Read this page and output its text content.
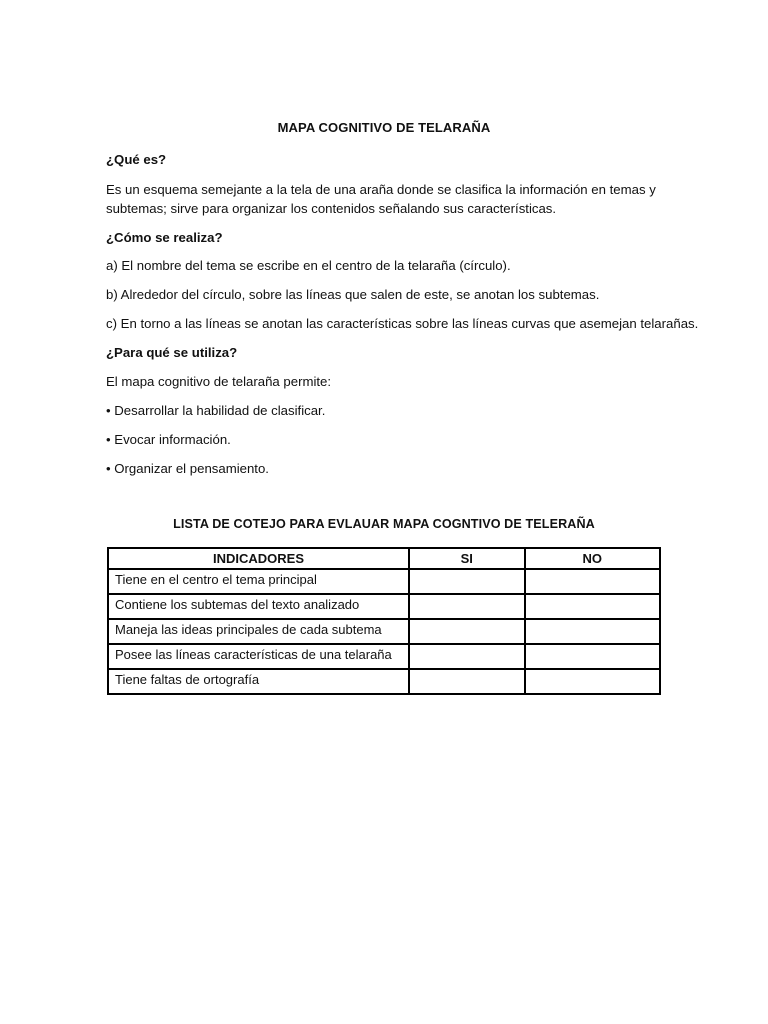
MAPA COGNITIVO DE TELARAÑA
¿Qué es?
Es un esquema semejante a la tela de una araña donde se clasifica la información en temas y subtemas; sirve para organizar los contenidos señalando sus características.
¿Cómo se realiza?
a) El nombre del tema se escribe en el centro de la telaraña (círculo).
b) Alrededor del círculo, sobre las líneas que salen de este, se anotan los subtemas.
c) En torno a las líneas se anotan las características sobre las líneas curvas que asemejan telarañas.
¿Para qué se utiliza?
El mapa cognitivo de telaraña permite:
• Desarrollar la habilidad de clasificar.
• Evocar información.
• Organizar el pensamiento.
LISTA DE COTEJO PARA EVLAUAR MAPA COGNTIVO DE TELERAÑA
INDICADORES	SI	NO
Tiene en el centro el tema principal		
Contiene los subtemas del texto analizado		
Maneja las ideas principales de cada subtema		
Posee las líneas características de una telaraña		
Tiene faltas de ortografía		
